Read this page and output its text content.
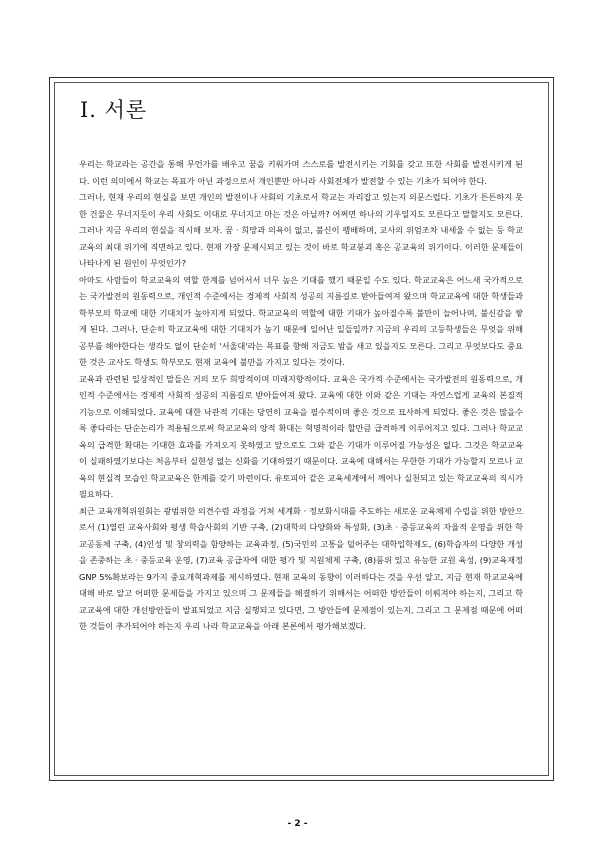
I. 서론

우리는 학교라는 공간을 통해 무언가를 배우고 꿈을 키워가며 스스로를 발전시키는 기회를 갖고 또한 사회를 발전시키게 된다. 이런 의미에서 학교는 목표가 아닌 과정으로서 개인뿐만 아니라 사회전체가 발전할 수 있는 기초가 되어야 한다.

그러나, 현재 우리의 현실을 보면 개인의 발전이나 사회의 기초로서 학교는 자리잡고 있는지 의문스럽다. 기초가 튼튼하지 못한 건물은 무너지듯이 우리 사회도 이대로 무너지고 마는 것은 아닐까? 어쩌면 하나의 기우일지도 모른다고 말할지도 모른다. 그러나 지금 우리의 현실을 직시해 보자. 꿈 · 희망과 의욕이 없고, 불신이 팽배하며, 교사의 위엄조차 내세울 수 없는 등 학교교육의 최대 위기에 직면하고 있다. 현재 가장 문제시되고 있는 것이 바로 학교붕괴 혹은 공교육의 위기이다. 이러한 문제들이 나타나게 된 원인이 무엇인가?

아마도 사람들이 학교교육의 역할 한계를 넘어서서 너무 높은 기대를 했기 때문일 수도 있다. 학교교육은 어느새 국가적으로는 국가발전의 원동력으로, 개인적 수준에서는 경제적 사회적 성공의 지름길로 받아들여져 왔으며 학교교육에 대한 학생들과 학부모의 학교에 대한 기대치가 높아지게 되었다. 학교교육의 역할에 대한 기대가 높아질수록 불만이 늘어나며, 불신감을 쌓게 된다. 그러나, 단순히 학교교육에 대한 기대치가 높기 때문에 일어난 일들일까? 지금의 우리의 고등학생들은 무엇을 위해 공부를 해야한다는 생각도 없이 단순히 '서울대'라는 목표를 향해 지금도 밤을 새고 있을지도 모른다. 그리고 무엇보다도 중요한 것은 교사도 학생도 학부모도 현재 교육에 불만을 가지고 있다는 것이다.

교육과 관련된 일상적인 말들은 거의 모두 희망적이며 미래지향적이다. 교육은 국가적 수준에서는 국가발전의 원동력으로, 개인적 수준에서는 경제적 사회적 성공의 지름길로 받아들여져 왔다. 교육에 대한 이와 같은 기대는 자연스럽게 교육의 본질적 기능으로 이해되었다. 교육에 대한 낙관적 기대는 당연히 교육을 필수적이며 좋은 것으로 묘사하게 되었다. 좋은 것은 많을수록 좋다라는 단순논리가 적용됨으로써 학교교육의 양적 확대는 혁명적이라 할만큼 급격하게 이루어지고 있다. 그러나 학교교육의 급격한 확대는 기대한 효과를 가져오지 못하였고 앞으로도 그와 같은 기대가 이루어질 가능성은 없다. 그것은 학교교육이 실패하였기보다는 처음부터 실현성 없는 신화를 기대하였기 때문이다. 교육에 대해서는 무한한 기대가 가능할지 모르나 교육의 현실적 모습인 학교교육은 한계를 갖기 마련이다. 유토피아 같은 교육세계에서 깨어나 실천되고 있는 학교교육의 직시가 필요하다.

최근 교육개혁위원회는 광범위한 의견수렴 과정을 거쳐 세계화 · 정보화시대를 주도하는 새로운 교육체제 수립을 위한 방안으로서 (1)열린 교육사회와 평생 학습사회의 기반 구축, (2)대학의 다양화와 특성화, (3)초 · 중등교육의 자율적 운영을 위한 학교공동체 구축, (4)인성 및 창의력을 함양하는 교육과정, (5)국민의 고통을 덜어주는 대학입학제도, (6)학습자의 다양한 개성을 존중하는 초 · 중등교육 운영, (7)교육 공급자에 대한 평가 및 지원체제 구축, (8)품위 있고 유능한 교원 육성, (9)교육재정 GNP 5%확보라는 9가지 중요개혁과제를 제시하였다. 현재 교육의 동향이 이러하다는 것을 우선 알고, 지금 현재 학교교육에 대해 바로 알고 어떠한 문제들을 가지고 있으며 그 문제들을 해결하기 위해서는 어떠한 방안들이 이뤄져야 하는지, 그리고 학교교육에 대한 개선방안들이 발표되었고 지금 실행되고 있다면, 그 방안들에 문제점이 있는지, 그리고 그 문제점 때문에 어떠한 것들이 추가되어야 하는지 우리 나라 학교교육을 아래 본론에서 평가해보겠다.

- 2 -
